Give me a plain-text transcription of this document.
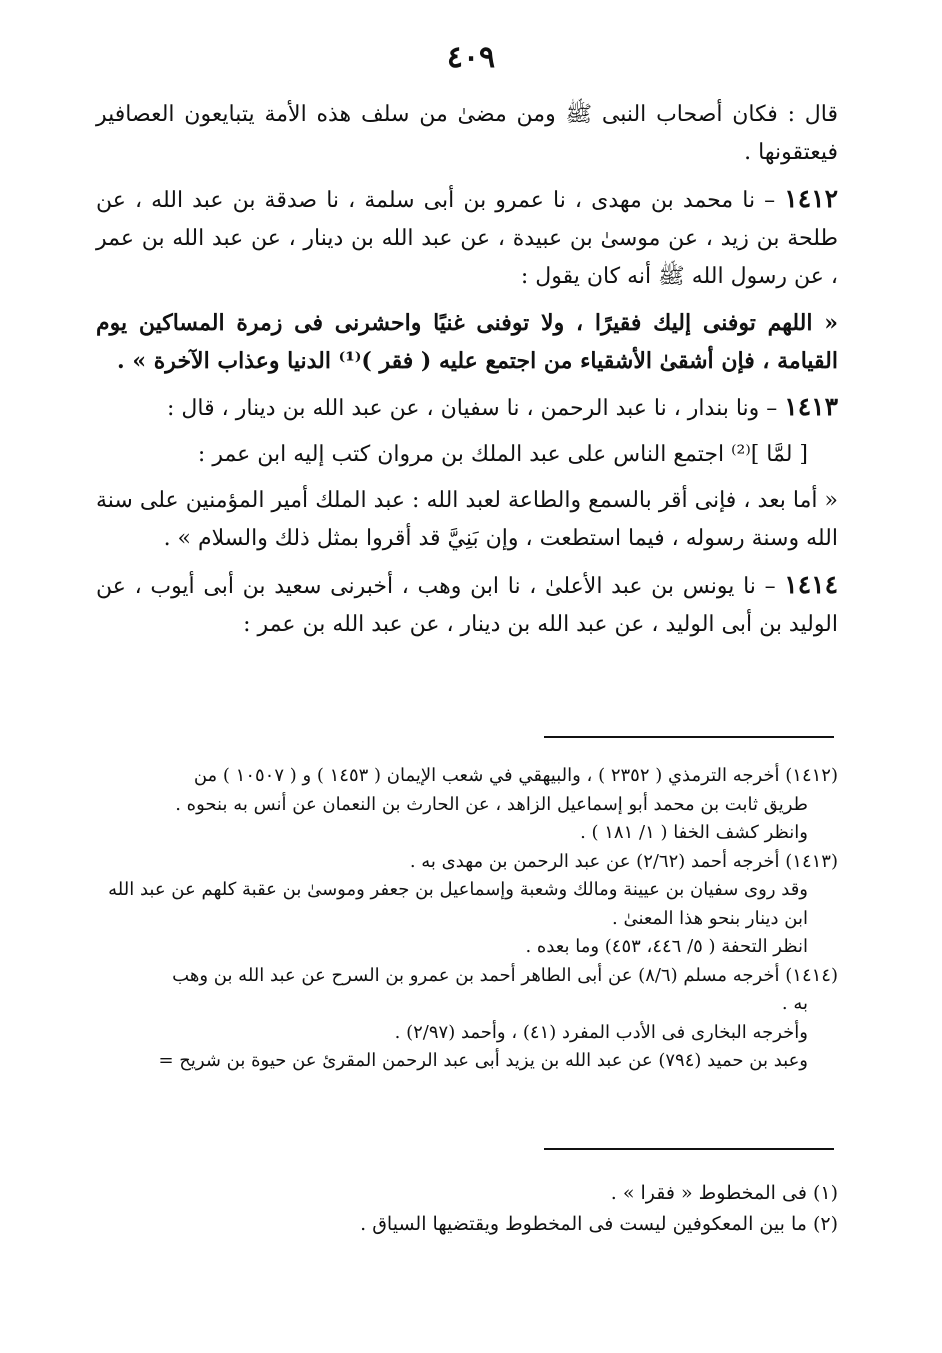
٤٠٩

قال : فكان أصحاب النبى ﷺ ومن مضىٰ من سلف هذه الأمة يتبايعون العصافير فيعتقونها .

١٤١٢ – نا محمد بن مهدى ، نا عمرو بن أبى سلمة ، نا صدقة بن عبد الله ، عن طلحة بن زيد ، عن موسىٰ بن عبيدة ، عن عبد الله بن دينار ، عن عبد الله بن عمر ، عن رسول الله ﷺ أنه كان يقول :

« اللهم توفنى إليك فقيرًا ، ولا توفنى غنيًا واحشرنى فى زمرة المساكين يوم القيامة ، فإن أشقىٰ الأشقياء من اجتمع عليه ( فقر )⁽¹⁾ الدنيا وعذاب الآخرة » .

١٤١٣ – ونا بندار ، نا عبد الرحمن ، نا سفيان ، عن عبد الله بن دينار ، قال :

[ لمَّا ]⁽²⁾ اجتمع الناس على عبد الملك بن مروان كتب إليه ابن عمر :

« أما بعد ، فإنى أقر بالسمع والطاعة لعبد الله : عبد الملك أمير المؤمنين على سنة الله وسنة رسوله ، فيما استطعت ، وإن بَنِيَّ قد أقروا بمثل ذلك والسلام » .

١٤١٤ – نا يونس بن عبد الأعلىٰ ، نا ابن وهب ، أخبرنى سعيد بن أبى أيوب ، عن الوليد بن أبى الوليد ، عن عبد الله بن دينار ، عن عبد الله بن عمر :

(١٤١٢) أخرجه الترمذي ( ٢٣٥٢ ) ، والبيهقي في شعب الإيمان ( ١٤٥٣ ) و ( ١٠٥٠٧ ) من
طريق ثابت بن محمد أبو إسماعيل الزاهد ، عن الحارث بن النعمان عن أنس به بنحوه .
وانظر كشف الخفا ( ١/ ١٨١ ) .
(١٤١٣) أخرجه أحمد (٢/٦٢) عن عبد الرحمن بن مهدى به .
وقد روى سفيان بن عيينة ومالك وشعبة وإسماعيل بن جعفر وموسىٰ بن عقبة كلهم عن عبد الله
ابن دينار بنحو هذا المعنىٰ .
انظر التحفة ( ٥/ ٤٤٦، ٤٥٣) وما بعده .
(١٤١٤) أخرجه مسلم (٨/٦) عن أبى الطاهر أحمد بن عمرو بن السرح عن عبد الله بن وهب
به .
وأخرجه البخارى فى الأدب المفرد (٤١) ، وأحمد (٢/٩٧) .
وعبد بن حميد (٧٩٤) عن عبد الله بن يزيد أبى عبد الرحمن المقرئ عن حيوة بن شريح =
(١) فى المخطوط « فقرا » .
(٢) ما بين المعكوفين ليست فى المخطوط ويقتضيها السياق .
